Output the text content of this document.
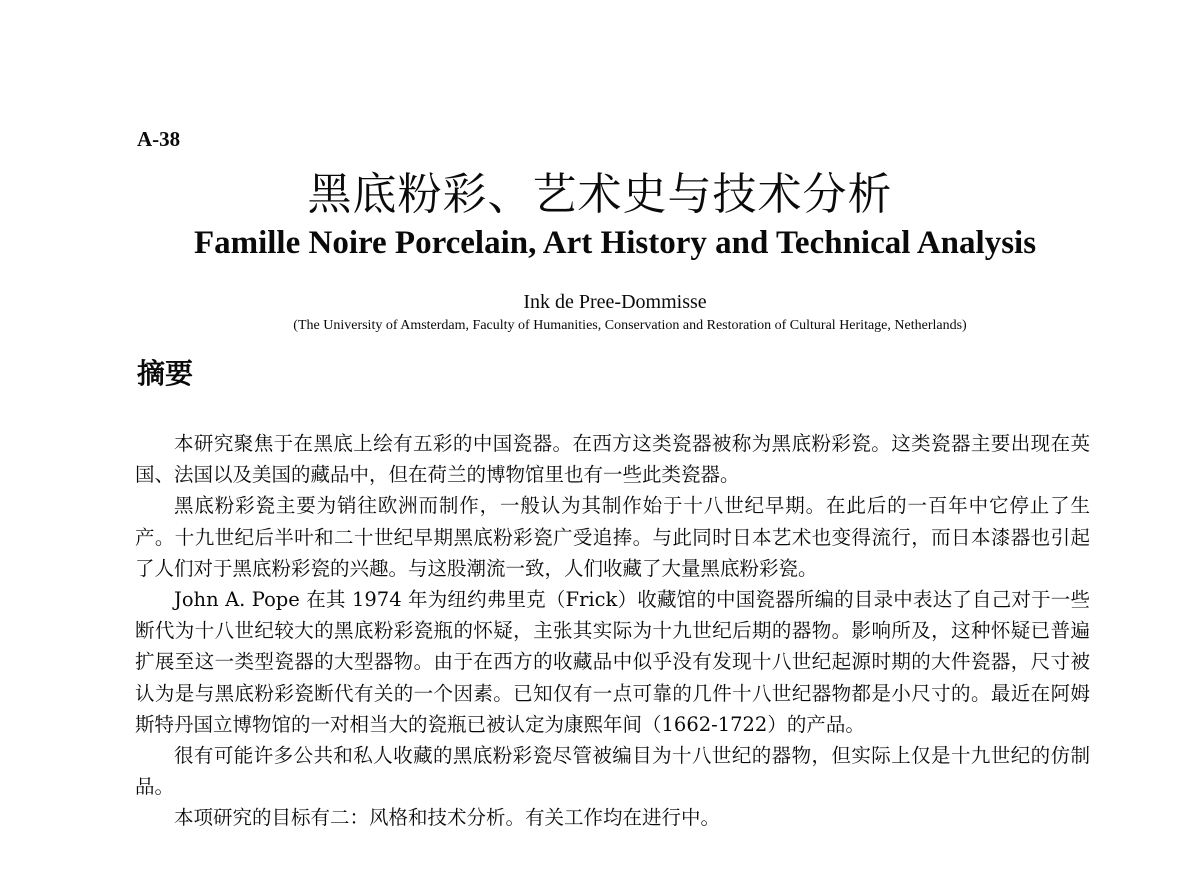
A-38
黑底粉彩、艺术史与技术分析
Famille Noire Porcelain, Art History and Technical Analysis
Ink de Pree-Dommisse
(The University of Amsterdam, Faculty of Humanities, Conservation and Restoration of Cultural Heritage, Netherlands)
摘要

本研究聚焦于在黑底上绘有五彩的中国瓷器。在西方这类瓷器被称为黑底粉彩瓷。这类瓷器主要出现在英国、法国以及美国的藏品中，但在荷兰的博物馆里也有一些此类瓷器。

黑底粉彩瓷主要为销往欧洲而制作，一般认为其制作始于十八世纪早期。在此后的一百年中它停止了生产。十九世纪后半叶和二十世纪早期黑底粉彩瓷广受追捧。与此同时日本艺术也变得流行，而日本漆器也引起了人们对于黑底粉彩瓷的兴趣。与这股潮流一致，人们收藏了大量黑底粉彩瓷。

John A. Pope 在其 1974 年为纽约弗里克（Frick）收藏馆的中国瓷器所编的目录中表达了自己对于一些断代为十八世纪较大的黑底粉彩瓷瓶的怀疑，主张其实际为十九世纪后期的器物。影响所及，这种怀疑已普遍扩展至这一类型瓷器的大型器物。由于在西方的收藏品中似乎没有发现十八世纪起源时期的大件瓷器，尺寸被认为是与黑底粉彩瓷断代有关的一个因素。已知仅有一点可靠的几件十八世纪器物都是小尺寸的。最近在阿姆斯特丹国立博物馆的一对相当大的瓷瓶已被认定为康熙年间（1662-1722）的产品。

很有可能许多公共和私人收藏的黑底粉彩瓷尽管被编目为十八世纪的器物，但实际上仅是十九世纪的仿制品。

本项研究的目标有二：风格和技术分析。有关工作均在进行中。
